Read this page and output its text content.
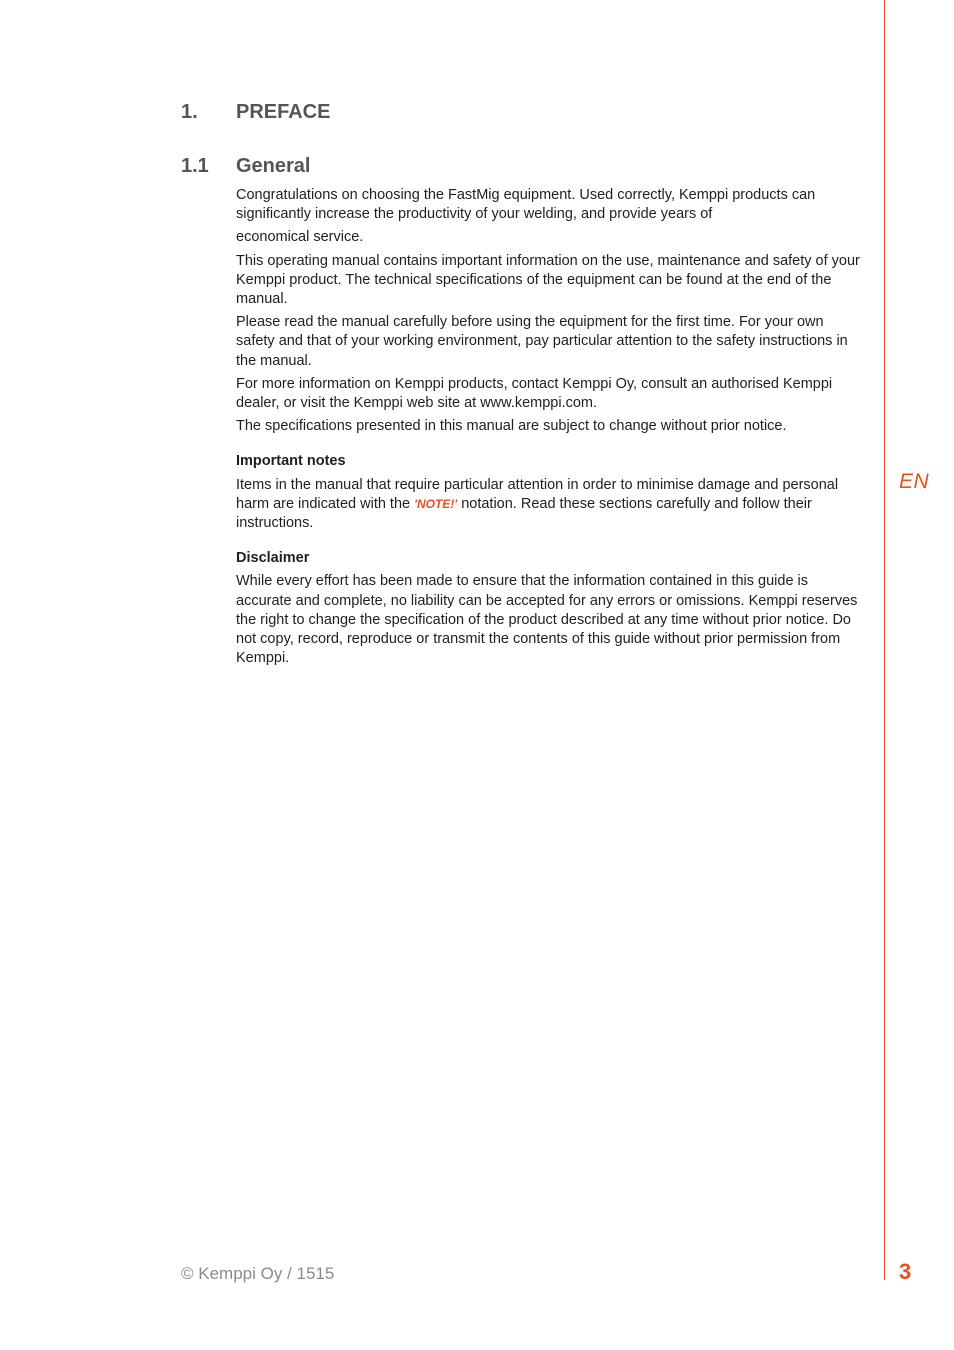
EN
1. PREFACE
1.1 General

Congratulations on choosing the FastMig equipment. Used correctly, Kemppi products can significantly increase the productivity of your welding, and provide years of

economical service.

This operating manual contains important information on the use, maintenance and safety of your Kemppi product. The technical specifications of the equipment can be found at the end of the manual.

Please read the manual carefully before using the equipment for the first time. For your own safety and that of your working environment, pay particular attention to the safety instructions in the manual.

For more information on Kemppi products, contact Kemppi Oy, consult an authorised Kemppi dealer, or visit the Kemppi web site at www.kemppi.com.

The specifications presented in this manual are subject to change without prior notice.

Important notes

Items in the manual that require particular attention in order to minimise damage and personal harm are indicated with the 'NOTE!' notation. Read these sections carefully and follow their instructions.

Disclaimer

While every effort has been made to ensure that the information contained in this guide is accurate and complete, no liability can be accepted for any errors or omissions. Kemppi reserves the right to change the specification of the product described at any time without prior notice. Do not copy, record, reproduce or transmit the contents of this guide without prior permission from Kemppi.

© Kemppi Oy / 1515	3
